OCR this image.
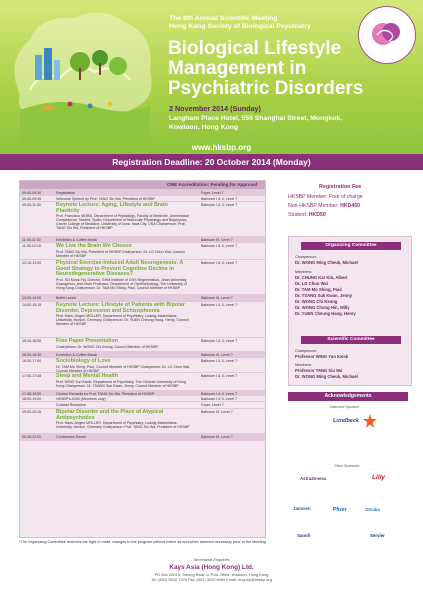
The 8th Annual Scientific Meeting
Hong Kong Society of Biological Psychiatry
Biological Lifestyle
Management in
Psychiatric Disorders
2 November 2014 (Sunday)
Langham Place Hotel, 555 Shanghai Street, Mongkok,
Kowloon, Hong Kong
www.hksbp.org
Registration Deadline: 20 October 2014 (Monday)
CME Accreditation: Pending for Approval
09:00-09:30	Registration	Foyer, Level 7
09:30-09:45	Welcome Speech by Prof. TANG Siu Wa, President of HKSBP	Ballroom I & II, Level 7
09:45-11:00	Keynote Lecture: Aging, Lifestyle and Brain Plasticity
Prof. Francisco MORA, Department of Physiology, Faculty of Medicine, Universidad Complutense, Madrid, Spain; Department of Molecular Physiology and Biophysics, Carver College of Medicine, University of Iowa, Iowa City, USA Chairperson: Prof. TANG Siu Wa, President of HKSBP
Ballroom I & II, Level 7
11:00-11:30	Exhibition & Coffee Break	Ballroom III, Level 7
11:30-12:15	We Live the Brain We Choose
Prof. TANG Siu Wa, President of HKSBP Chairperson: Dr. LO Chun Wai, Council Member of HKSBP
Ballroom I & II, Level 7
12:15-13:00	Physical Exercise-Induced Adult Neurogenesis: A Good Strategy to Prevent Cognitive Decline in Neurodegenerative Diseases?
Prof. SO Kwok Fai, Director, GHM Institute of CNS Regeneration, Jinan University, Guangzhou; and Chair Professor, Department of Ophthalmology, The University of Hong Kong Chairperson: Dr. TAM Mo Shing, Paul, Council Member of HKSBP
Ballroom I & II, Level 7
13:00-14:00	Buffet Lunch	Ballroom III, Level 7
14:00-15:15	Keynote Lecture: Lifestyle of Patients with Bipolar Disorder, Depression and Schizophrenia
Prof. Hans-Jürgen MÖLLER, Department of Psychiatry, Ludwig-Maximilians-University, Munich, Germany Chairperson: Dr. YUEN Cheung Hang, Henry, Council Member of HKSBP
Ballroom I & II, Level 7
15:15-16:00	Free Paper Presentation
Chairperson: Dr. WONG Chi Keung, Council Member of HKSBP
Ballroom I & II, Level 7
16:00-16:30	Exhibition & Coffee Break	Ballroom III, Level 7
16:30-17:00	Sociobiology of Love
Dr. TAM Mo Shing, Paul, Council Member of HKSBP Chairperson: Dr. LO Chun Wai, Council Member of HKSBP
Ballroom I & II, Level 7
17:00-17:45	Sleep and Mental Health
Prof. WING Yun Kwok, Department of Psychiatry, The Chinese University of Hong Kong Chairperson: Dr. TSANG Suk Kwan, Jenny, Council Member of HKSBP
Ballroom I & II, Level 7
17:45-18:00	Closing Remarks by Prof. TANG Siu Wa, President of HKSBP	Ballroom I & II, Level 7
18:00-19:00	HKSBP's AGM (Members only)	Ballroom I & II, Level 7
Cocktail Reception	Foyer, Level 7
19:00-20:15	Bipolar Disorder and the Place of Atypical Antipsychotics
Prof. Hans-Jürgen MÖLLER, Department of Psychiatry, Ludwig-Maximilians-University, Munich, Germany Chairperson: Prof. TANG Siu Wa, President of HKSBP
Ballroom III, Level 7
20:15-22:00	Conference Dinner	Ballroom III, Level 7
*The Organizing Committee reserves the right to make changes to the program without notice as and when deemed necessary prior to the Meeting.
Registration Fee
HKSBP Member: Free of charge
Non-HKSBP Member: HKD450
Student: HKD50
Organizing Committee
Chairperson:
Dr. WONG Ming Cheuk, Michael
Members:
Dr. CHUNG Kar Kin, Albert
Dr. LO Chun Wai
Dr. TAM Mo Shing, Paul
Dr. TSANG Suk Kwan, Jenny
Dr. WONG Chi Keung
Dr. WONG Chung Hin, Willy
Dr. YUEN Cheung Hang, Henry
Scientific Committee
Chairperson:
Professor WING Yun Kwok
Members:
Professor TANG Siu Wa
Dr. WONG Ming Cheuk, Michael
Acknowledgements
Diamond Sponsor:
Lundbeck
Other Sponsors:
AstraZeneca	Lilly
Janssen	Pfizer	Otsuka
Sanofi	Servier
Secretariat Enquiries
Kays Asia (Hong Kong) Ltd.
PO Box 65015, Tseung Kwan O Post Office, Kowloon, Hong Kong
Tel: (852) 5642 7378 Fax: (852) 3010 8969 Email: enquiry@hksbp.org
